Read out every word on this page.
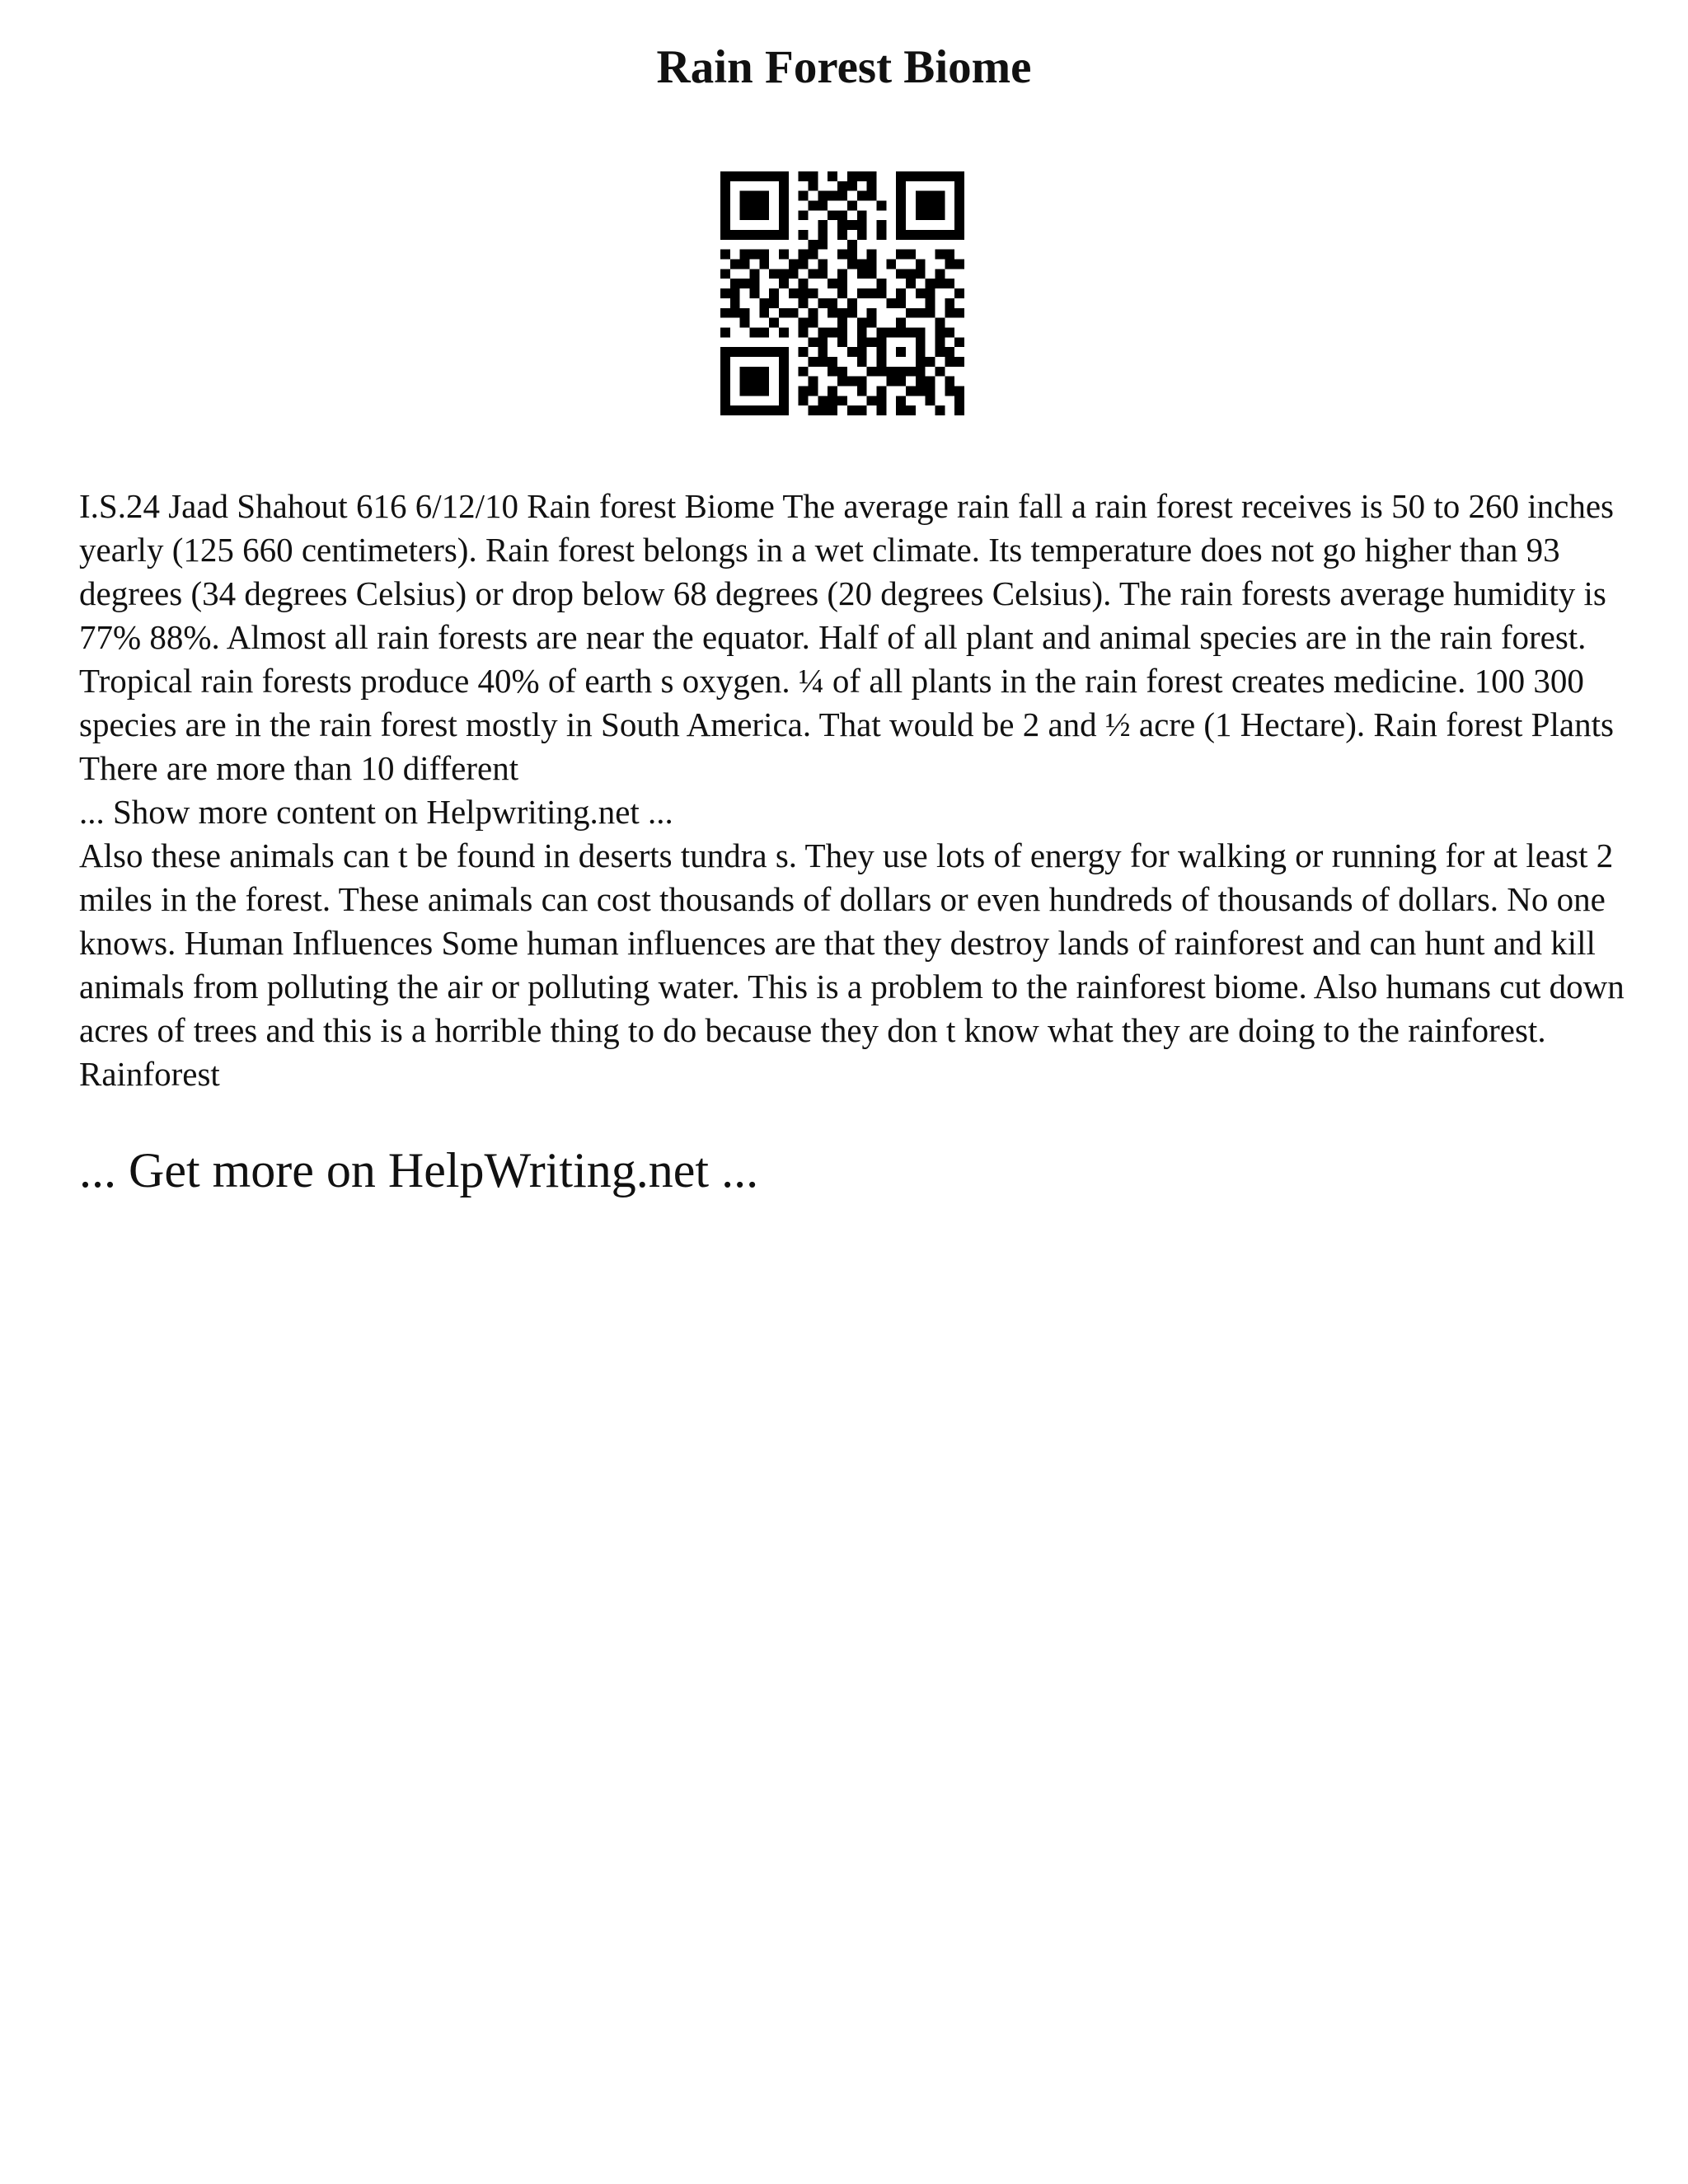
Rain Forest Biome

I.S.24 Jaad Shahout 616 6/12/10 Rain forest Biome The average rain fall a rain forest receives is 50 to 260 inches yearly (125 660 centimeters). Rain forest belongs in a wet climate. Its temperature does not go higher than 93 degrees (34 degrees Celsius) or drop below 68 degrees (20 degrees Celsius). The rain forests average humidity is 77% 88%. Almost all rain forests are near the equator. Half of all plant and animal species are in the rain forest. Tropical rain forests produce 40% of earth s oxygen. ¼ of all plants in the rain forest creates medicine. 100 300 species are in the rain forest mostly in South America. That would be 2 and ½ acre (1 Hectare). Rain forest Plants There are more than 10 different

... Show more content on Helpwriting.net ...

Also these animals can t be found in deserts tundra s. They use lots of energy for walking or running for at least 2 miles in the forest. These animals can cost thousands of dollars or even hundreds of thousands of dollars. No one knows. Human Influences Some human influences are that they destroy lands of rainforest and can hunt and kill animals from polluting the air or polluting water. This is a problem to the rainforest biome. Also humans cut down acres of trees and this is a horrible thing to do because they don t know what they are doing to the rainforest. Rainforest

... Get more on HelpWriting.net ...
